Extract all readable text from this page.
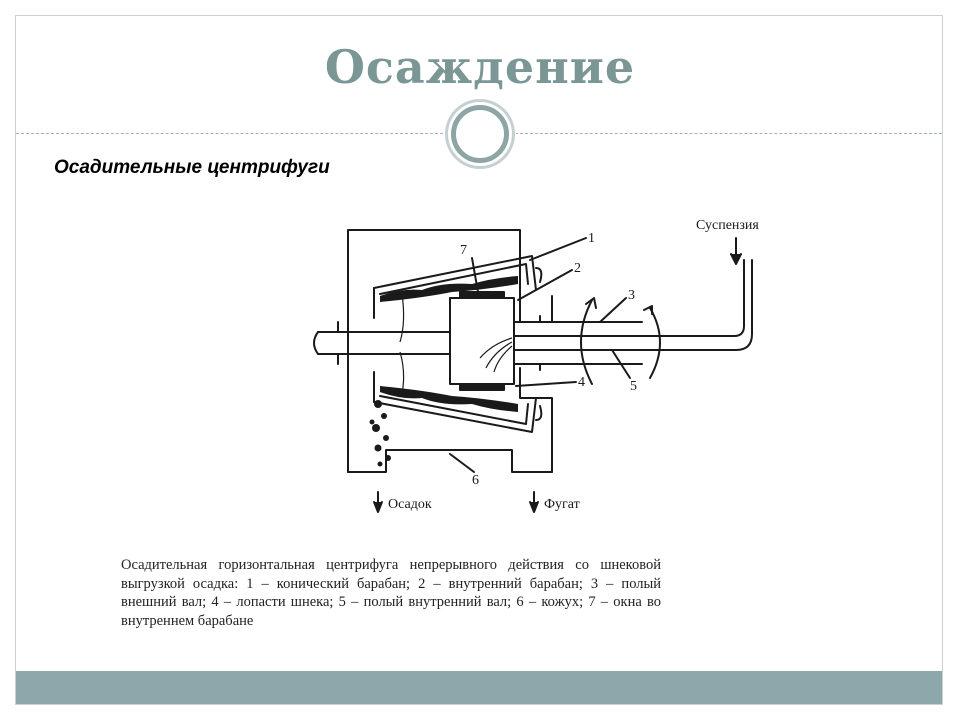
Осаждение
Осадительные центрифуги
Суспензия
Осадок	Фугат
1
2
3
4	5
6
7
Осадительная горизонтальная центрифуга непрерывного действия со шнековой выгрузкой осадка: 1 – конический барабан; 2 – внутренний барабан; 3 – полый внешний вал; 4 – лопасти шнека; 5 – полый внутренний вал; 6 – кожух; 7 – окна во внутреннем барабане
